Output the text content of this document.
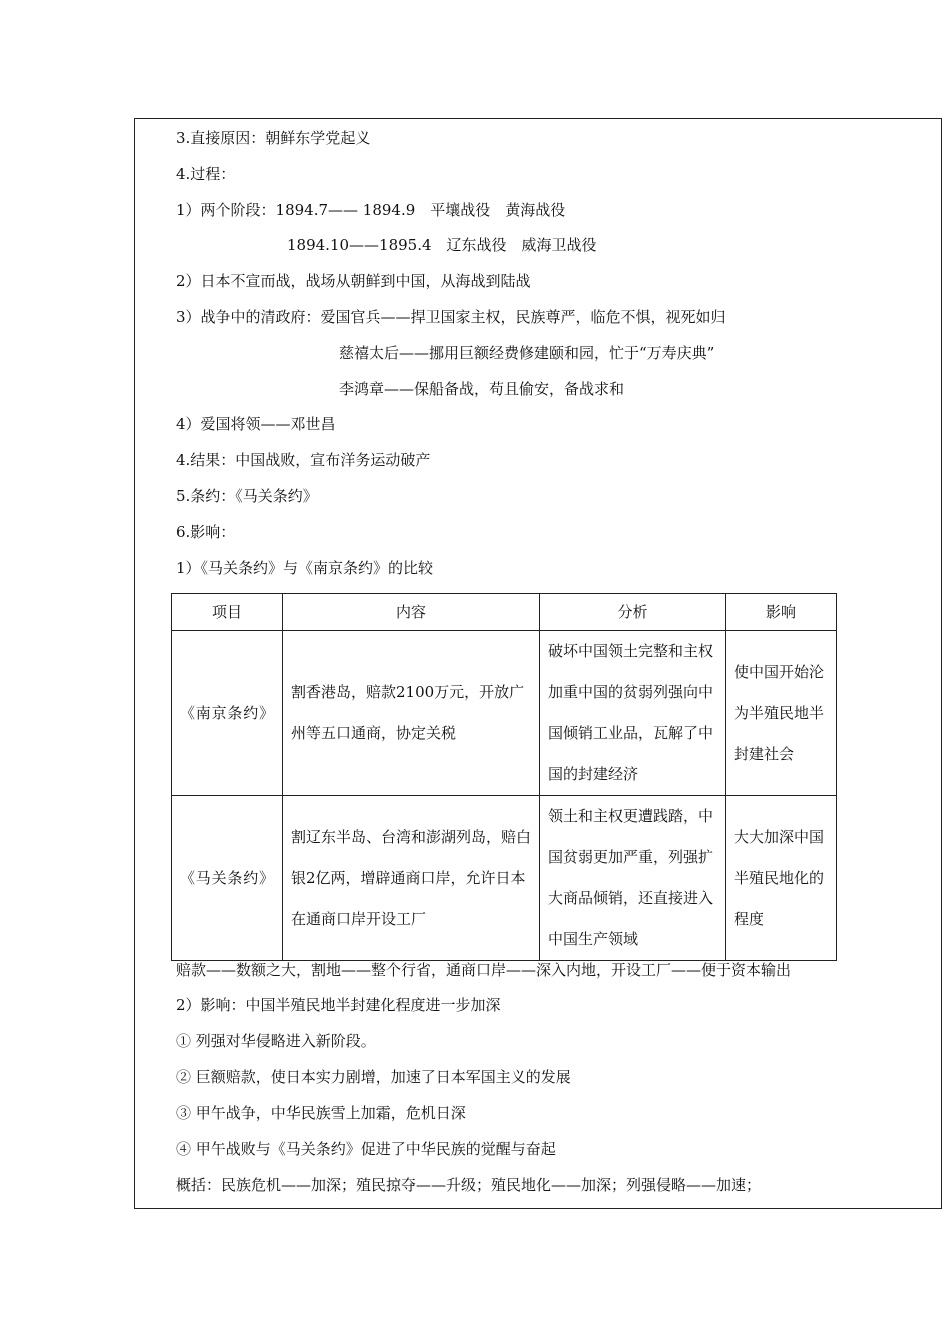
3.直接原因：朝鲜东学党起义
4.过程：
1）两个阶段：1894.7—— 1894.9　平壤战役　黄海战役
1894.10——1895.4　辽东战役　威海卫战役
2）日本不宣而战，战场从朝鲜到中国，从海战到陆战
3）战争中的清政府：爱国官兵——捍卫国家主权，民族尊严，临危不惧，视死如归
慈禧太后——挪用巨额经费修建颐和园，忙于“万寿庆典”
李鸿章——保船备战，苟且偷安，备战求和
4）爱国将领——邓世昌
4.结果：中国战败，宣布洋务运动破产
5.条约：《马关条约》
6.影响：
1）《马关条约》与《南京条约》的比较
项目	内容	分析	影响
《南京条约》	割香港岛，赔款2100万元，开放广州等五口通商，协定关税	破坏中国领土完整和主权加重中国的贫弱列强向中国倾销工业品，瓦解了中国的封建经济	使中国开始沦为半殖民地半封建社会
《马关条约》	割辽东半岛、台湾和澎湖列岛，赔白银2亿两，增辟通商口岸，允许日本在通商口岸开设工厂	领土和主权更遭践踏，中国贫弱更加严重，列强扩大商品倾销，还直接进入中国生产领域	大大加深中国半殖民地化的程度
赔款——数额之大，割地——整个行省，通商口岸——深入内地，开设工厂——便于资本输出
2）影响：中国半殖民地半封建化程度进一步加深
① 列强对华侵略进入新阶段。
② 巨额赔款，使日本实力剧增，加速了日本军国主义的发展
③ 甲午战争，中华民族雪上加霜，危机日深
④ 甲午战败与《马关条约》促进了中华民族的觉醒与奋起
概括：民族危机——加深；殖民掠夺——升级；殖民地化——加深；列强侵略——加速；
